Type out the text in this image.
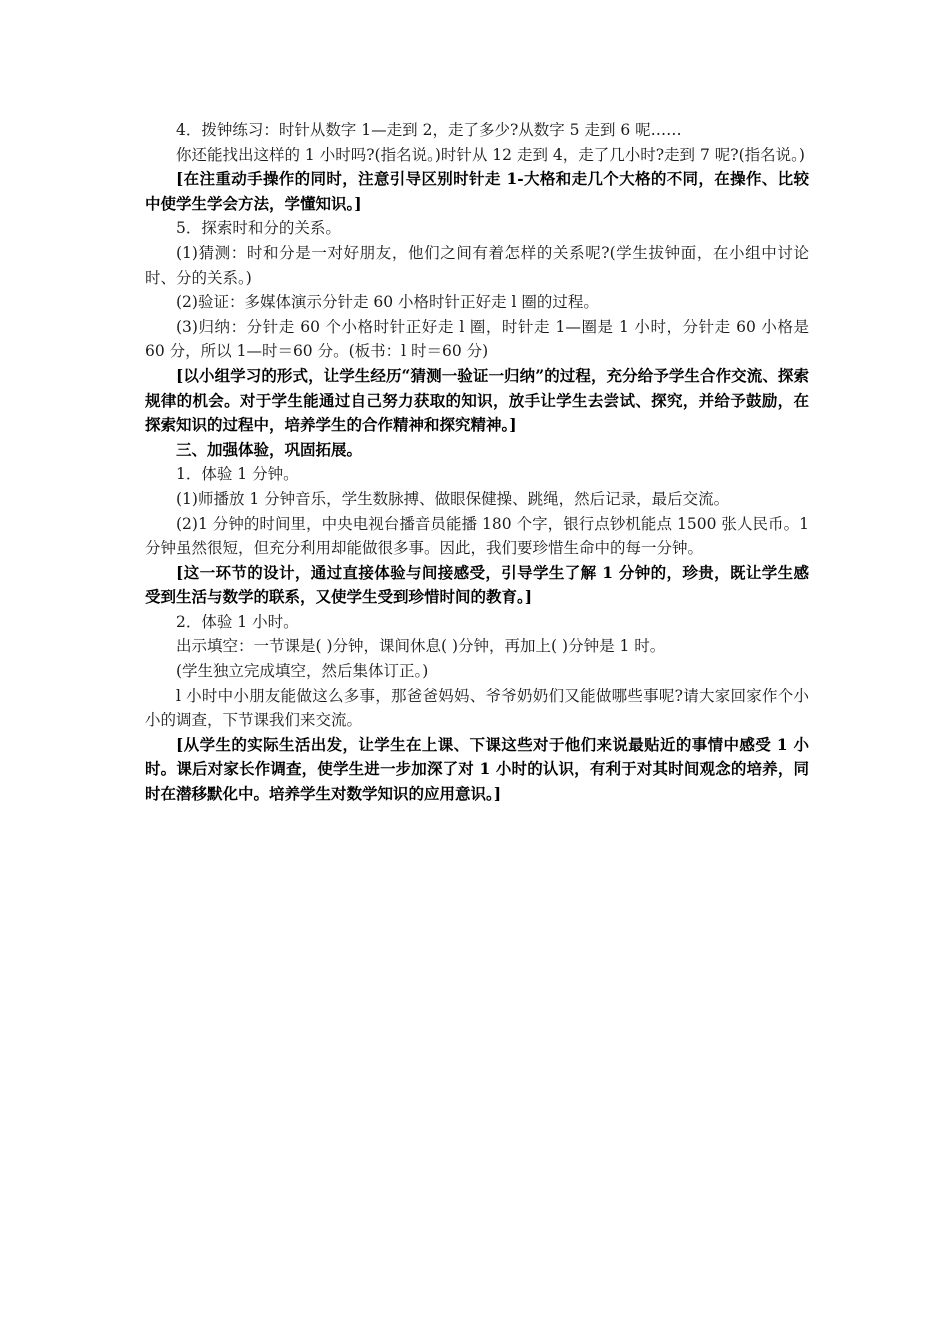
4．拨钟练习：时针从数字 1—走到 2，走了多少?从数字 5 走到 6 呢……

你还能找出这样的 1 小时吗?(指名说。)时针从 12 走到 4，走了几小时?走到 7 呢?(指名说。)

[在注重动手操作的同时，注意引导区别时针走 1-大格和走几个大格的不同，在操作、比较中使学生学会方法，学懂知识。]

5．探索时和分的关系。

(1)猜测：时和分是一对好朋友，他们之间有着怎样的关系呢?(学生拔钟面，在小组中讨论时、分的关系。)

(2)验证：多媒体演示分针走 60 小格时针正好走 l 圈的过程。

(3)归纳：分针走 60 个小格时针正好走 l 圈，时针走 1—圈是 1 小时，分针走 60 小格是 60 分，所以 1—时＝60 分。(板书：l 时＝60 分)

[以小组学习的形式，让学生经历“猜测一验证一归纳”的过程，充分给予学生合作交流、探索规律的机会。对于学生能通过自己努力获取的知识，放手让学生去尝试、探究，并给予鼓励，在探索知识的过程中，培养学生的合作精神和探究精神。]

三、加强体验，巩固拓展。

1．体验 1 分钟。

(1)师播放 1 分钟音乐，学生数脉搏、做眼保健操、跳绳，然后记录，最后交流。

(2)1 分钟的时间里，中央电视台播音员能播 180 个字，银行点钞机能点 1500 张人民币。1 分钟虽然很短，但充分利用却能做很多事。因此，我们要珍惜生命中的每一分钟。

[这一环节的设计，通过直接体验与间接感受，引导学生了解 1 分钟的，珍贵，既让学生感受到生活与数学的联系，又使学生受到珍惜时间的教育。]

2．体验 1 小时。

出示填空：一节课是( )分钟，课间休息( )分钟，再加上( )分钟是 1 时。

(学生独立完成填空，然后集体订正。)

l 小时中小朋友能做这么多事，那爸爸妈妈、爷爷奶奶们又能做哪些事呢?请大家回家作个小小的调查，下节课我们来交流。

[从学生的实际生活出发，让学生在上课、下课这些对于他们来说最贴近的事情中感受 1 小时。课后对家长作调查，使学生进一步加深了对 1 小时的认识，有利于对其时间观念的培养，同时在潜移默化中。培养学生对数学知识的应用意识。]
